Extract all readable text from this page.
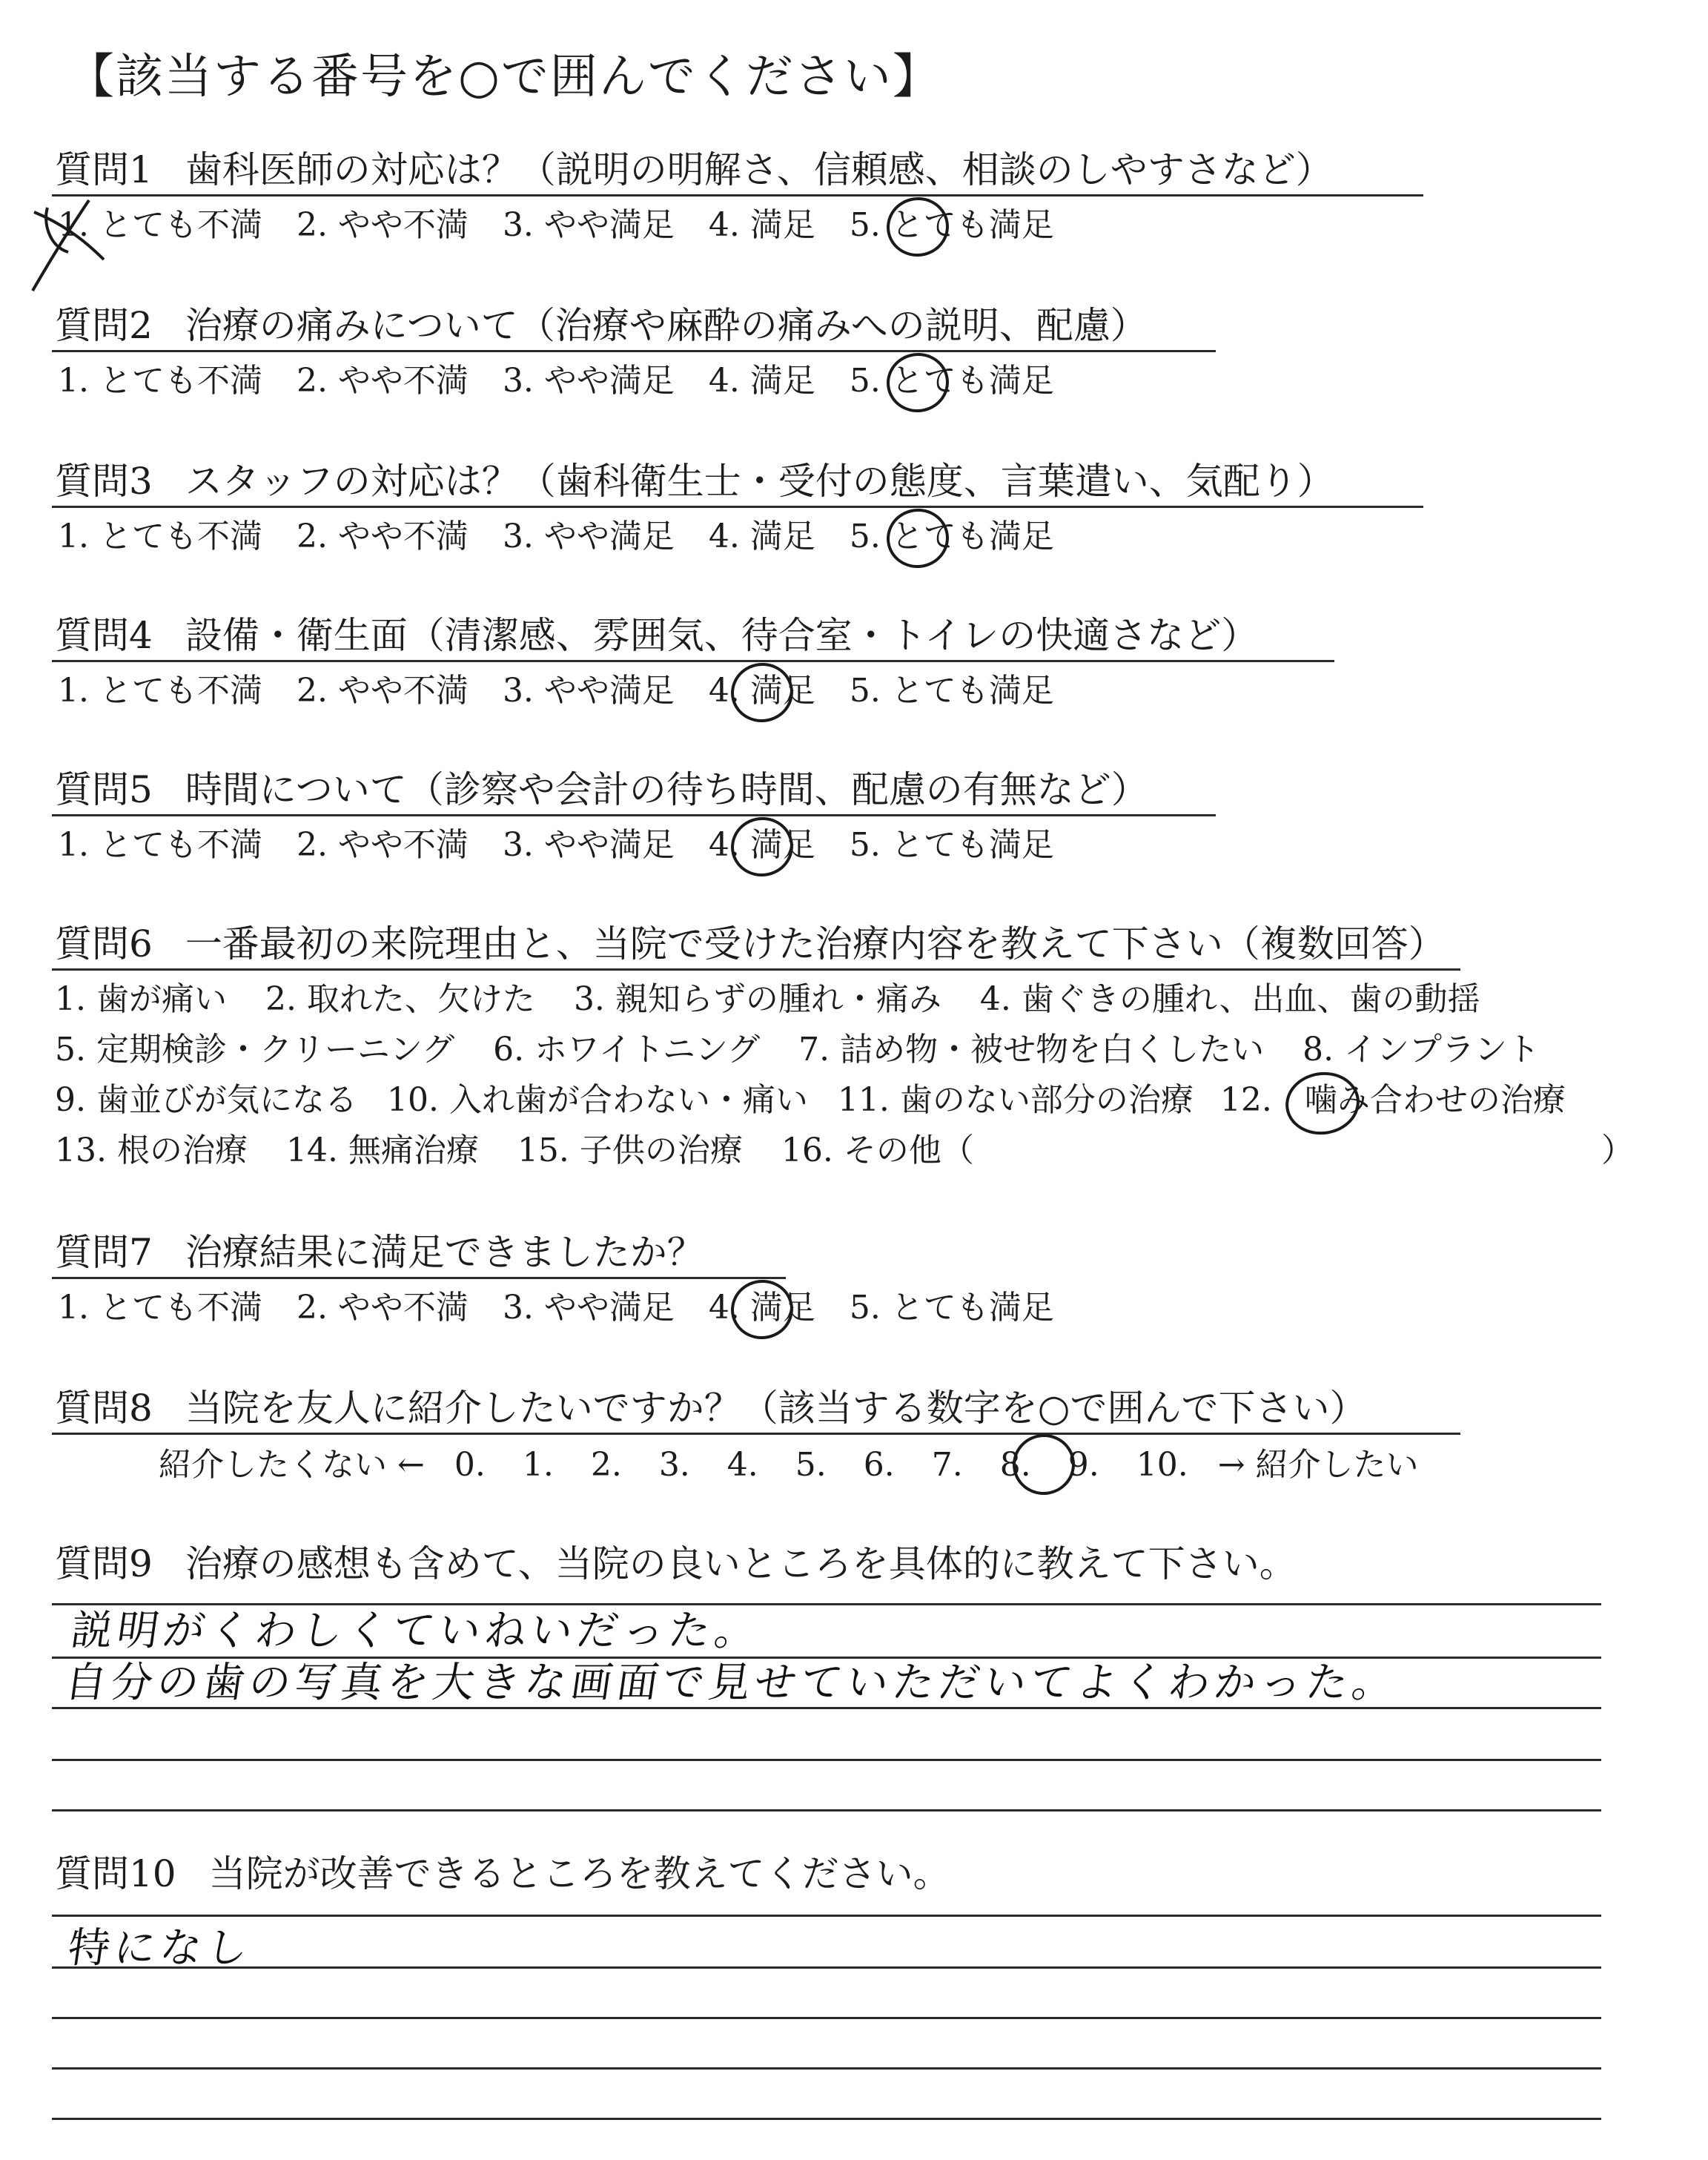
【該当する番号を○で囲んでください】
質問1 歯科医師の対応は？（説明の明解さ、信頼感、相談のしやすさなど）
1. とても不満 2. やや不満 3. やや満足 4. 満足 5. とても満足
質問2 治療の痛みについて（治療や麻酔の痛みへの説明、配慮）
1. とても不満 2. やや不満 3. やや満足 4. 満足 5. とても満足
質問3 スタッフの対応は？（歯科衛生士・受付の態度、言葉遣い、気配り）
1. とても不満 2. やや不満 3. やや満足 4. 満足 5. とても満足
質問4 設備・衛生面（清潔感、雰囲気、待合室・トイレの快適さなど）
1. とても不満 2. やや不満 3. やや満足 4. 満足 5. とても満足
質問5 時間について（診察や会計の待ち時間、配慮の有無など）
1. とても不満 2. やや不満 3. やや満足 4. 満足 5. とても満足
質問6 一番最初の来院理由と、当院で受けた治療内容を教えて下さい（複数回答）
1. 歯が痛い 2. 取れた、欠けた 3. 親知らずの腫れ・痛み 4. 歯ぐきの腫れ、出血、歯の動揺
5. 定期検診・クリーニング 6. ホワイトニング 7. 詰め物・被せ物を白くしたい 8. インプラント
9. 歯並びが気になる 10. 入れ歯が合わない・痛い 11. 歯のない部分の治療 12. 噛み合わせの治療
13. 根の治療 14. 無痛治療 15. 子供の治療 16. その他（	）
質問7 治療結果に満足できましたか？
1. とても不満 2. やや不満 3. やや満足 4. 満足 5. とても満足
質問8 当院を友人に紹介したいですか？（該当する数字を○で囲んで下さい）
紹介したくない ← 0. 1. 2. 3. 4. 5. 6. 7. 8. 9. 10. → 紹介したい
質問9 治療の感想も含めて、当院の良いところを具体的に教えて下さい。
説明がくわしくていねいだった。
自分の歯の写真を大きな画面で見せていただいてよくわかった。
質問10 当院が改善できるところを教えてください。
特になし
